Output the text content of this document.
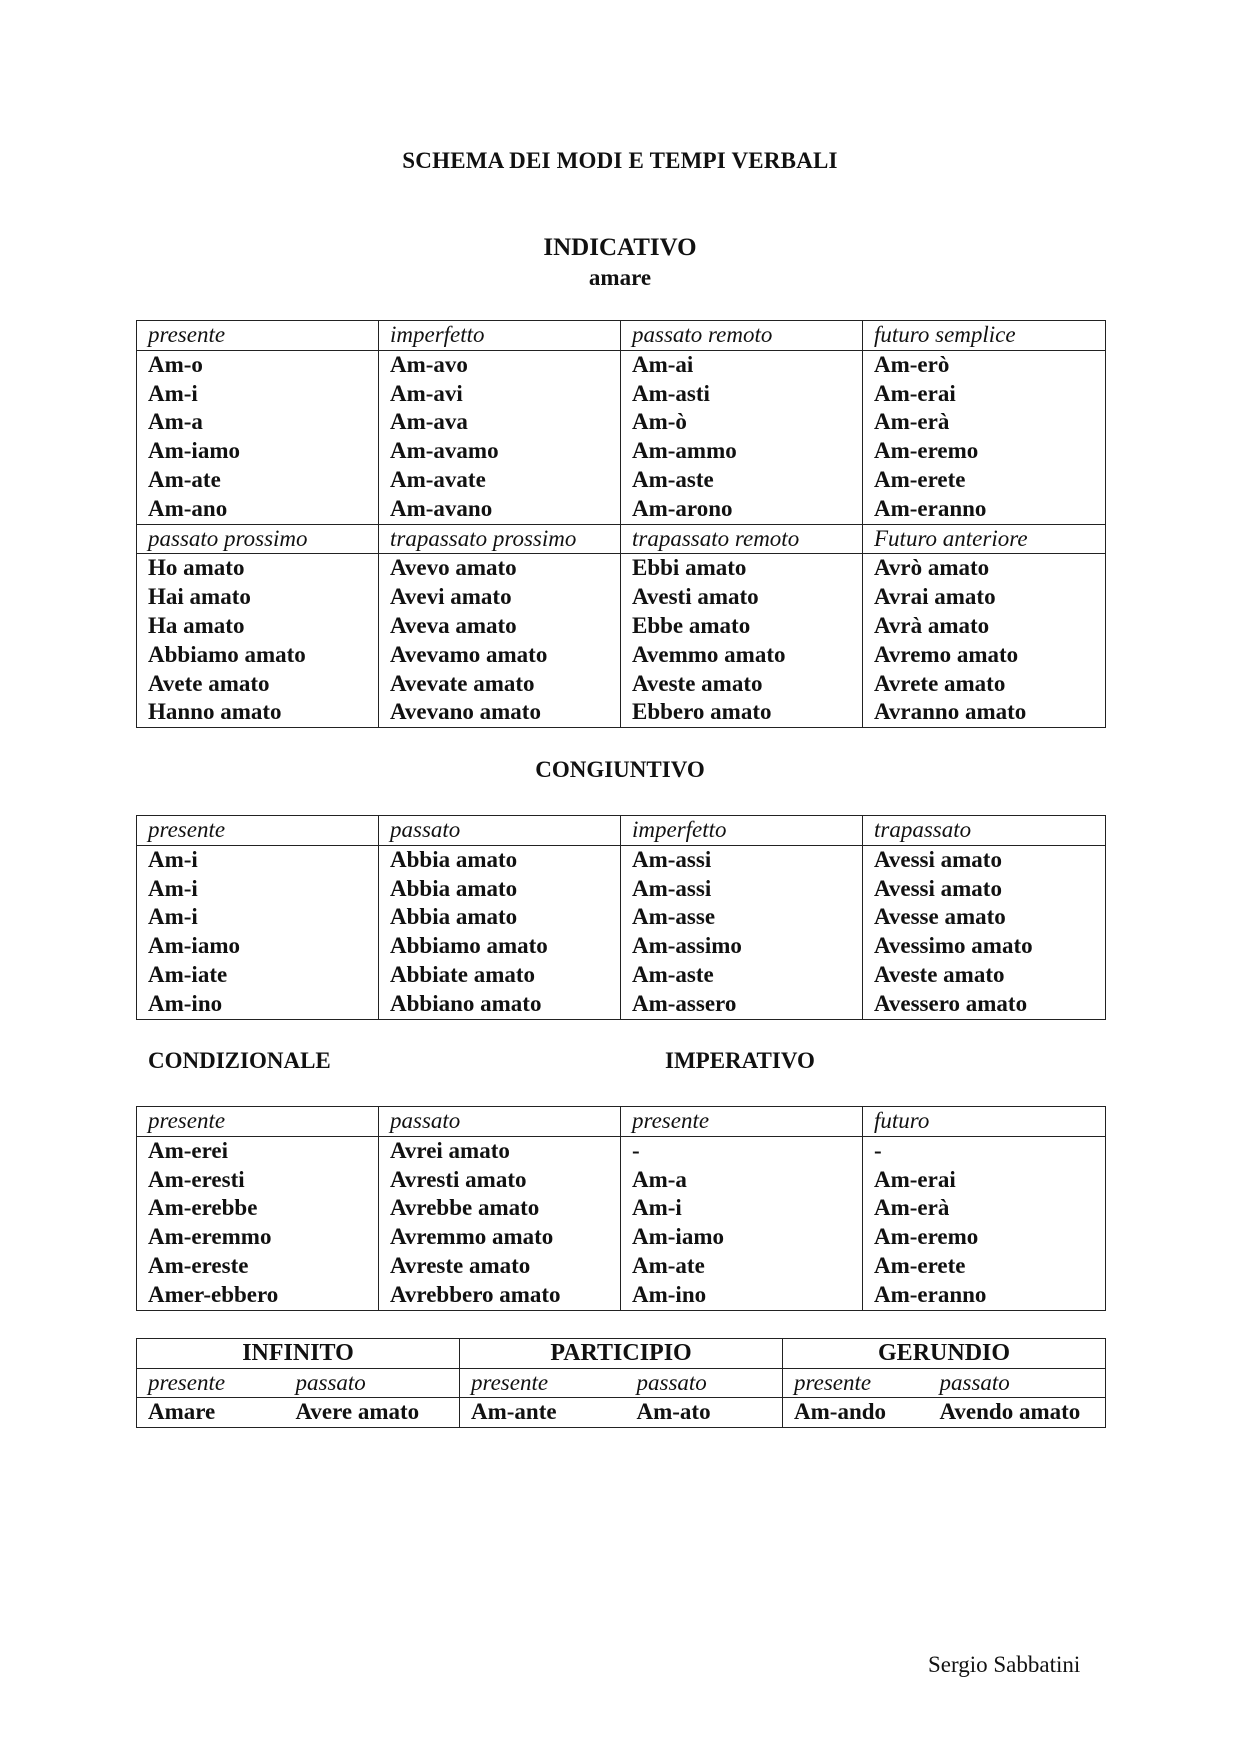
SCHEMA DEI MODI E TEMPI VERBALI
INDICATIVO
amare
presente	imperfetto	passato remoto	futuro semplice
Am-o	Am-avo	Am-ai	Am-erò
Am-i	Am-avi	Am-asti	Am-erai
Am-a	Am-ava	Am-ò	Am-erà
Am-iamo	Am-avamo	Am-ammo	Am-eremo
Am-ate	Am-avate	Am-aste	Am-erete
Am-ano	Am-avano	Am-arono	Am-eranno
passato prossimo	trapassato prossimo	trapassato remoto	Futuro anteriore
Ho amato	Avevo amato	Ebbi amato	Avrò amato
Hai amato	Avevi amato	Avesti amato	Avrai amato
Ha amato	Aveva amato	Ebbe amato	Avrà amato
Abbiamo amato	Avevamo amato	Avemmo amato	Avremo amato
Avete amato	Avevate amato	Aveste amato	Avrete amato
Hanno amato	Avevano amato	Ebbero amato	Avranno amato
CONGIUNTIVO
presente	passato	imperfetto	trapassato
Am-i	Abbia amato	Am-assi	Avessi amato
Am-i	Abbia amato	Am-assi	Avessi amato
Am-i	Abbia amato	Am-asse	Avesse amato
Am-iamo	Abbiamo amato	Am-assimo	Avessimo amato
Am-iate	Abbiate amato	Am-aste	Aveste amato
Am-ino	Abbiano amato	Am-assero	Avessero amato
CONDIZIONALE	IMPERATIVO
presente	passato	presente	futuro
Am-erei	Avrei amato	-	-
Am-eresti	Avresti amato	Am-a	Am-erai
Am-erebbe	Avrebbe amato	Am-i	Am-erà
Am-eremmo	Avremmo amato	Am-iamo	Am-eremo
Am-ereste	Avreste amato	Am-ate	Am-erete
Amer-ebbero	Avrebbero amato	Am-ino	Am-eranno
INFINITO		PARTICIPIO		GERUNDIO	
presente	passato	presente	passato	presente	passato
Amare	Avere amato	Am-ante	Am-ato	Am-ando	Avendo amato
Sergio Sabbatini
